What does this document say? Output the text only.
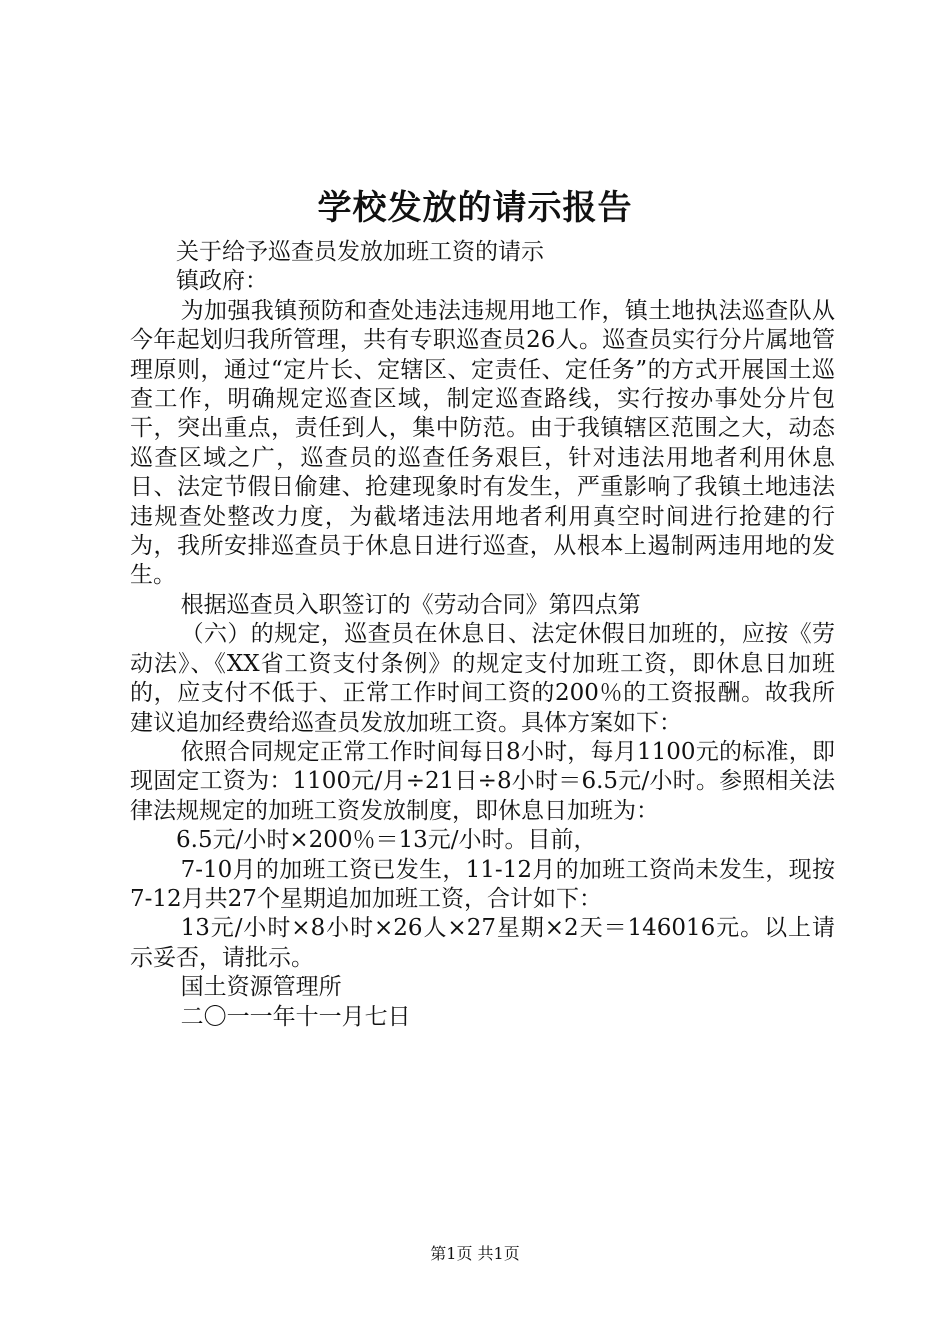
学校发放的请示报告

关于给予巡查员发放加班工资的请示

镇政府：

为加强我镇预防和查处违法违规用地工作，镇土地执法巡查队从今年起划归我所管理，共有专职巡查员26人。巡查员实行分片属地管理原则，通过“定片长、定辖区、定责任、定任务”的方式开展国土巡查工作，明确规定巡查区域，制定巡查路线，实行按办事处分片包干，突出重点，责任到人，集中防范。由于我镇辖区范围之大，动态巡查区域之广，巡查员的巡查任务艰巨，针对违法用地者利用休息日、法定节假日偷建、抢建现象时有发生，严重影响了我镇土地违法违规查处整改力度，为截堵违法用地者利用真空时间进行抢建的行为，我所安排巡查员于休息日进行巡查，从根本上遏制两违用地的发生。

根据巡查员入职签订的《劳动合同》第四点第

（六）的规定，巡查员在休息日、法定休假日加班的，应按《劳动法》、《XX省工资支付条例》的规定支付加班工资，即休息日加班的，应支付不低于、正常工作时间工资的200％的工资报酬。故我所建议追加经费给巡查员发放加班工资。具体方案如下：

依照合同规定正常工作时间每日8小时，每月1100元的标准，即现固定工资为：1100元/月÷21日÷8小时＝6.5元/小时。参照相关法律法规规定的加班工资发放制度，即休息日加班为：

6.5元/小时×200％＝13元/小时。目前，

7-10月的加班工资已发生，11-12月的加班工资尚未发生，现按7-12月共27个星期追加加班工资，合计如下：

13元/小时×8小时×26人×27星期×2天＝146016元。以上请示妥否，请批示。

国土资源管理所

二〇一一年十一月七日

第1页 共1页
